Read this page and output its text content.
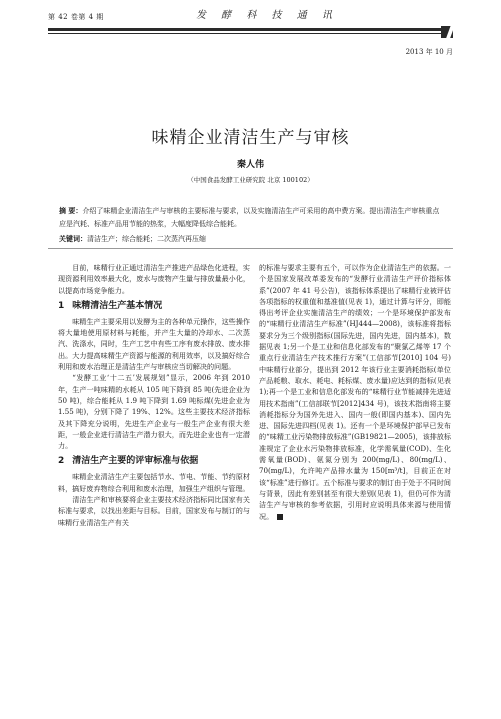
第 42 卷第 4 期	发 酵 科 技 通 讯
2013 年 10 月
味精企业清洁生产与审核
秦人伟
（中国食品发酵工业研究院 北京 100102）
摘 要：介绍了味精企业清洁生产与审核的主要标准与要求，以及实施清洁生产可采用的高中费方案。提出清洁生产审核重点应是汽耗、标准产品用节能的热浆，大幅度降低综合能耗。
关键词：清洁生产；综合能耗；二次蒸汽再压缩

目前，味精行业正通过清洁生产推进产品绿色化进程，实现资源利用效率最大化，废水与废物产生量与排放量最小化，以提高市场竞争能力。

1 味精清洁生产基本情况

味精生产主要采用以发酵为主的各种单元操作，这些操作将大量地使用原材料与耗能，并产生大量的冷却水、二次蒸汽、洗涤水，同时，生产工艺中有些工序有废水排放、废水排出。大力提高味精生产资源与能源的利用效率，以及搞好综合利用和废水治理正是清洁生产与审核应当切解决的问题。

“发酵工业‘十二五’发展规划”显示，2006 年到 2010 年，生产一吨味精的水耗从 105 吨下降到 85 吨(先进企业为 50 吨)，综合能耗从 1.9 吨下降到 1.69 吨标煤(先进企业为 1.55 吨)，分别下降了 19%、12%。这些主要技术经济指标及其下降充分说明，先进生产企业与一般生产企业有很大差距，一般企业进行清洁生产潜力很大，而先进企业也有一定潜力。

2 清洁生产主要的评审标准与依据

味精企业清洁生产主要包括节水、节电、节能、节约原材料，搞好废弃物综合利用和废水治理，加强生产组织与管理。

清洁生产和审核要将企业主要技术经济指标同比国家有关标准与要求，以找出差距与目标。目前，国家发布与制订的与味精行业清洁生产有关

的标准与要求主要有五个，可以作为企业清洁生产的依据。一个是国家发展改革委发布的“发酵行业清洁生产评价指标体系”(2007 年 41 号公告)，该指标体系提出了味精行业被评估各项指标的权重值和基准值(见表 1)，通过计算与评分，即能得出考评企业实施清洁生产的绩效；一个是环境保护部发布的“味精行业清洁生产标准”(HJ444—2008)，该标准将指标要求分为三个级别指标(国际先进，国内先进，国内基本)，数据见表 1;另一个是工业和信息化部发布的“聚氯乙烯等 17 个重点行业清洁生产技术推行方案”(工信部节[2010] 104 号)中味精行业部分，提出到 2012 年该行业主要消耗指标(单位产品耗粮、取水、耗电、耗标煤、废水量)应达到的指标(见表 1);再一个是工业和信息化部发布的“味精行业节能减排先进适用技术指南”(工信部联节[2012]434 号)，该技术指南将主要消耗指标分为国外先进入、国内一般(即国内基本)、国内先进、国际先进四档(见表 1)。还有一个是环境保护部早已发布的“味精工业污染物排放标准”(GB19821—2005)，该排放标准规定了企业水污染物排放标准，化学需氧量(COD)、生化需氧量(BOD)、氨氮分别为 200(mg/L)、80(mg/L)、70(mg/L)，允许吨产品排水量为 150[m³/t]，目前正在对该“标准”进行修订。五个标准与要求的制订由于处于不同时间与背景，因此有差别甚至有很大差别(见表 1)，但仍可作为清洁生产与审核的参考依据，引用时应说明具体来源与使用情况。
